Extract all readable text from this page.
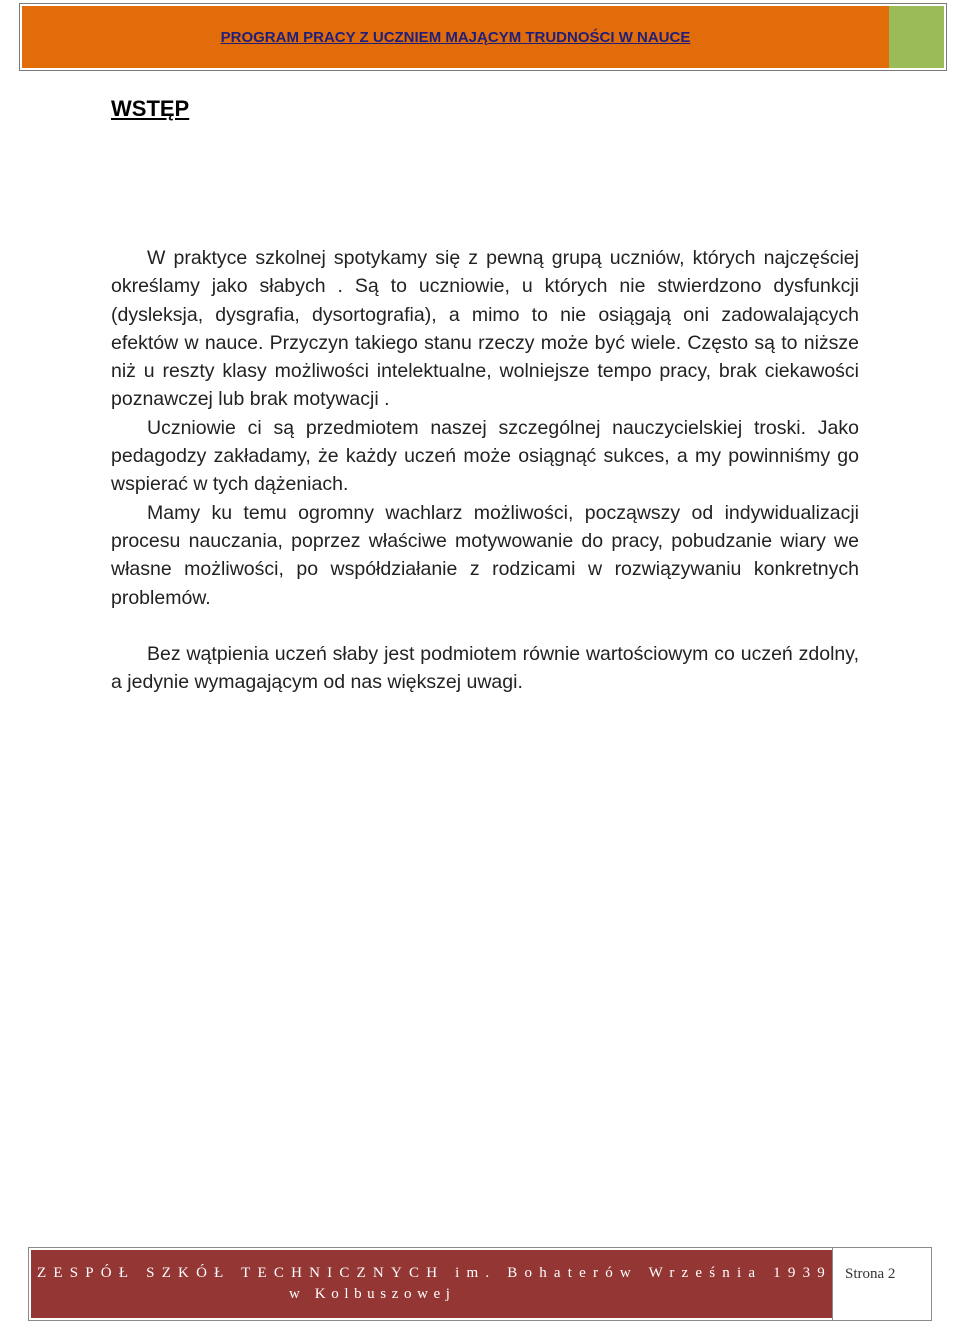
PROGRAM PRACY Z UCZNIEM MAJĄCYM TRUDNOŚCI W NAUCE
WSTĘP

W praktyce szkolnej spotykamy się z pewną grupą uczniów, których najczęściej określamy jako słabych . Są to uczniowie, u których nie stwierdzono dysfunkcji (dysleksja, dysgrafia, dysortografia), a mimo to nie osiągają oni zadowalających efektów w nauce. Przyczyn takiego stanu rzeczy może być wiele. Często są to niższe niż u reszty klasy możliwości intelektualne, wolniejsze tempo pracy, brak ciekawości poznawczej lub brak motywacji .

Uczniowie ci są przedmiotem naszej szczególnej nauczycielskiej troski. Jako pedagodzy zakładamy, że każdy uczeń może osiągnąć sukces, a my powinniśmy go wspierać w tych dążeniach.

Mamy ku temu ogromny wachlarz możliwości, począwszy od indywidualizacji procesu nauczania, poprzez właściwe motywowanie do pracy, pobudzanie wiary we własne możliwości, po współdziałanie z rodzicami w rozwiązywaniu konkretnych problemów.

Bez wątpienia uczeń słaby jest podmiotem równie wartościowym co uczeń zdolny, a jedynie wymagającym od nas większej uwagi.

ZESPÓŁ SZKÓŁ TECHNICZNYCH im. Bohaterów Września 1939
w Kolbuszowej
Strona 2
